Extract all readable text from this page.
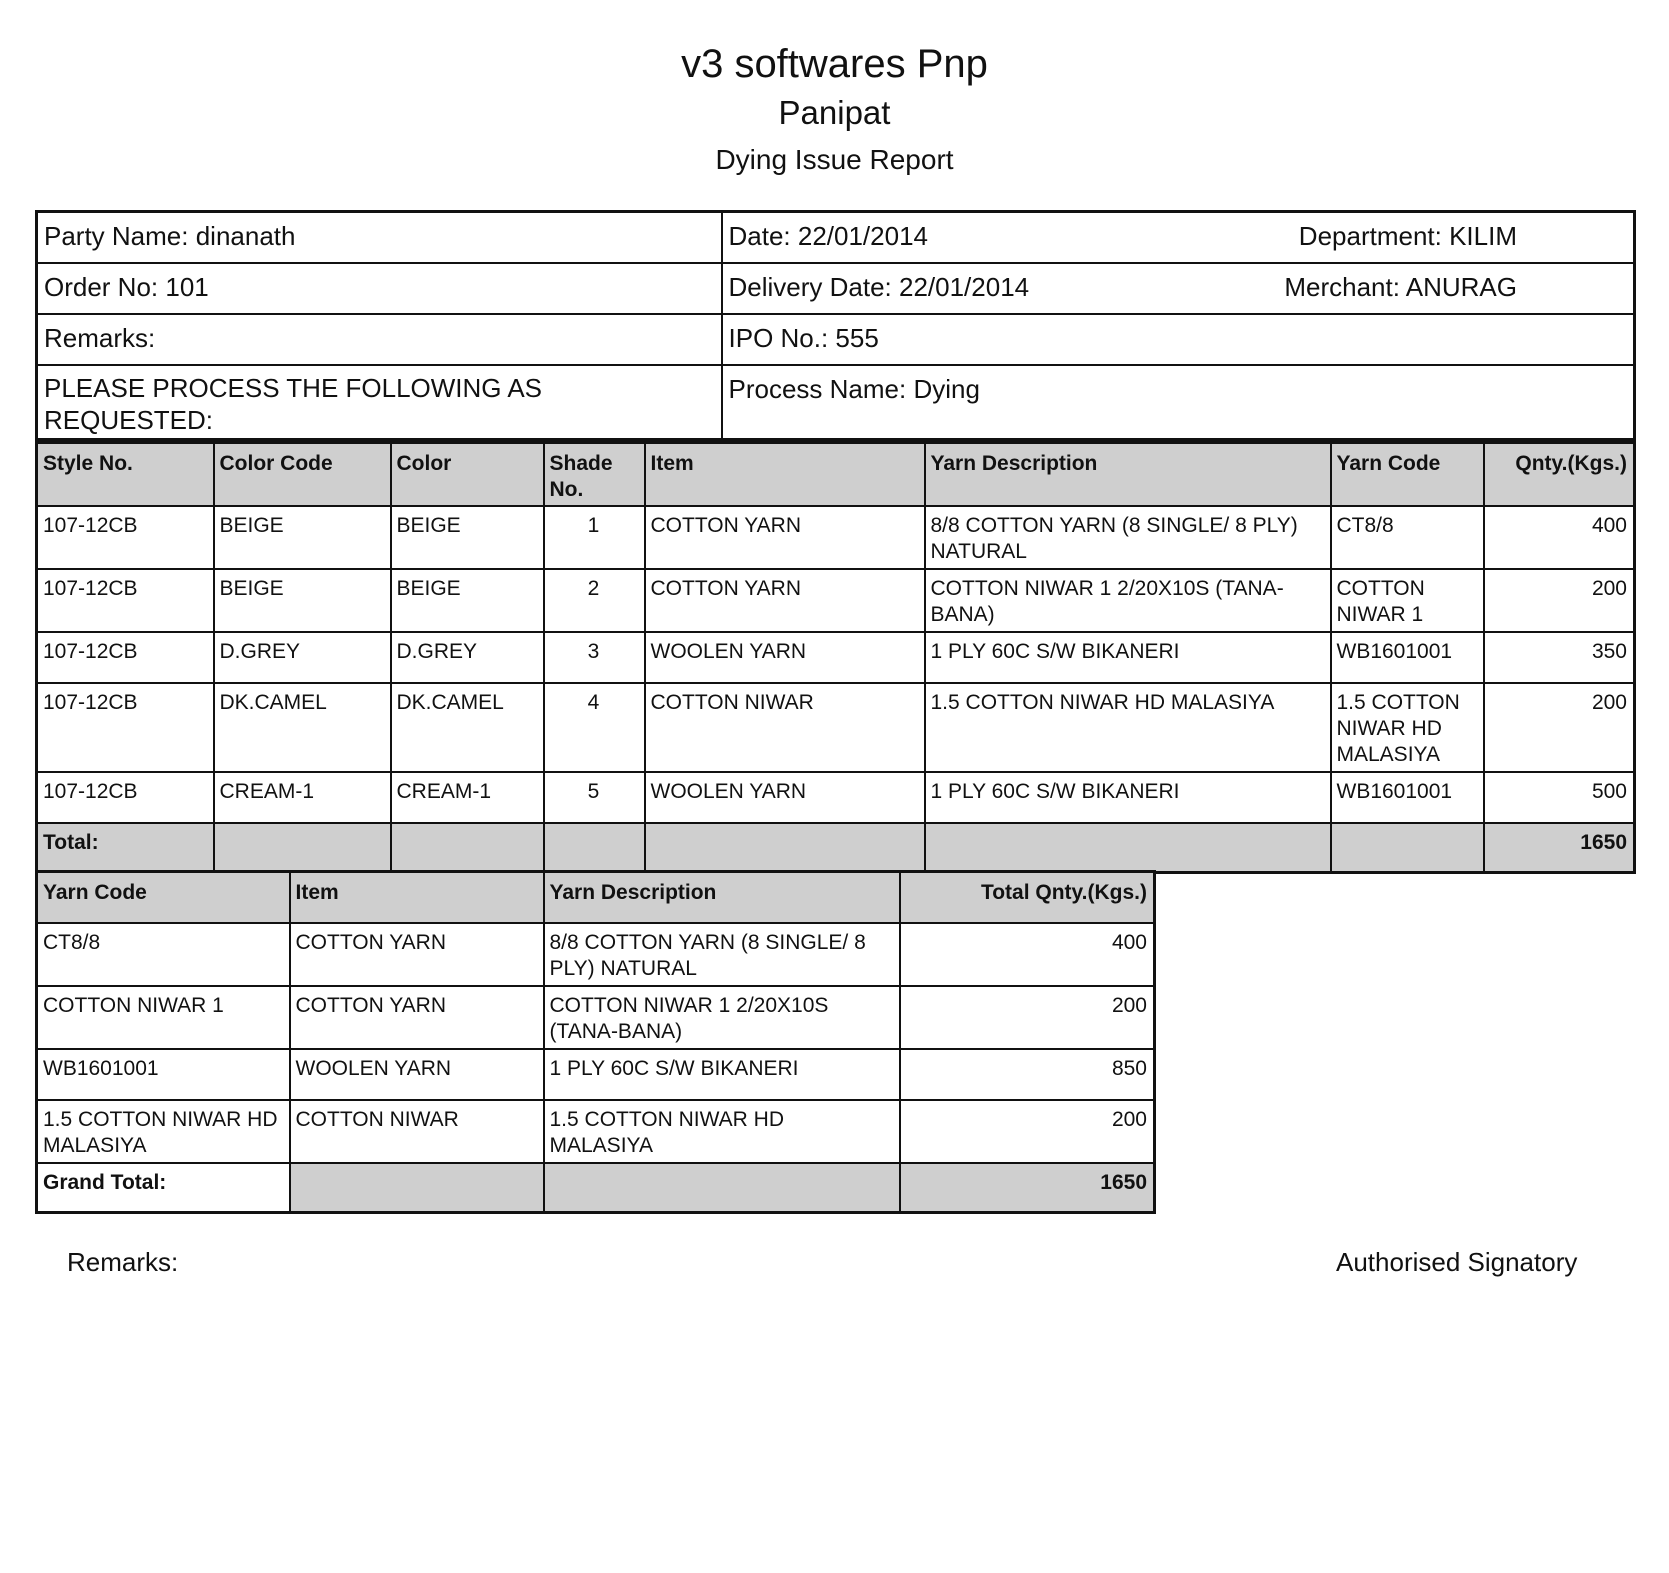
v3 softwares Pnp
Panipat
Dying Issue Report
Party Name: dinanath	Date: 22/01/2014 Department: KILIM

Order No: 101	Delivery Date: 22/01/2014 Merchant: ANURAG

Remarks:	IPO No.: 555
PLEASE PROCESS THE FOLLOWING AS REQUESTED:	Process Name: Dying
Style No.	Color Code	Color	Shade No.	Item	Yarn Description	Yarn Code	Qnty.(Kgs.)
107-12CB	BEIGE	BEIGE	1	COTTON YARN	8/8 COTTON YARN (8 SINGLE/ 8 PLY) NATURAL	CT8/8	400
107-12CB	BEIGE	BEIGE	2	COTTON YARN	COTTON NIWAR 1 2/20X10S (TANA-BANA)	COTTON NIWAR 1	200
107-12CB	D.GREY	D.GREY	3	WOOLEN YARN	1 PLY 60C S/W BIKANERI	WB1601001	350
107-12CB	DK.CAMEL	DK.CAMEL	4	COTTON NIWAR	1.5 COTTON NIWAR HD MALASIYA	1.5 COTTON NIWAR HD MALASIYA	200
107-12CB	CREAM-1	CREAM-1	5	WOOLEN YARN	1 PLY 60C S/W BIKANERI	WB1601001	500
Total:							1650
Yarn Code	Item	Yarn Description	Total Qnty.(Kgs.)
CT8/8	COTTON YARN	8/8 COTTON YARN (8 SINGLE/ 8 PLY) NATURAL	400
COTTON NIWAR 1	COTTON YARN	COTTON NIWAR 1 2/20X10S (TANA-BANA)	200
WB1601001	WOOLEN YARN	1 PLY 60C S/W BIKANERI	850
1.5 COTTON NIWAR HD MALASIYA	COTTON NIWAR	1.5 COTTON NIWAR HD MALASIYA	200
Grand Total:			1650
Remarks:	Authorised Signatory
